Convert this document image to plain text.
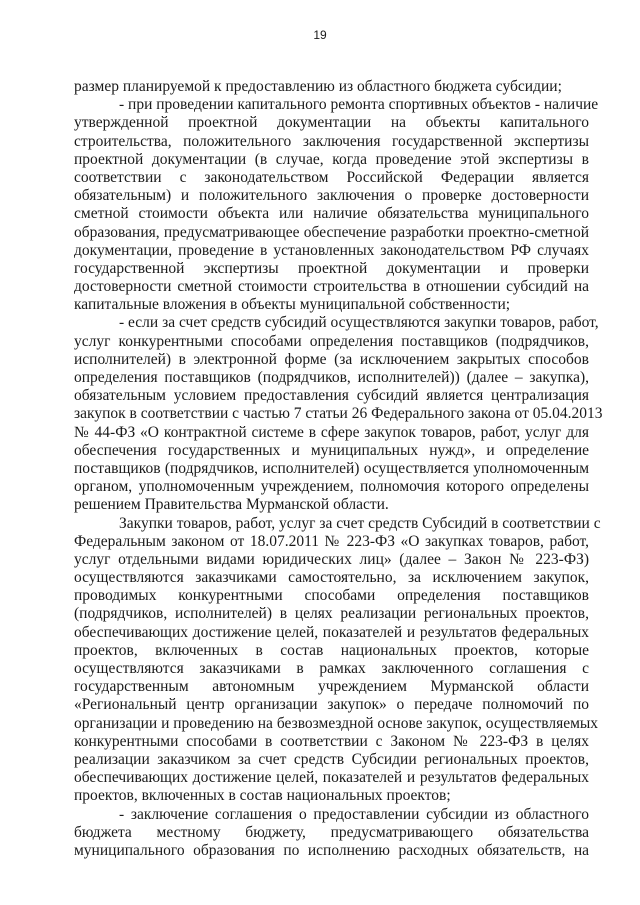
19
размер планируемой к предоставлению из областного бюджета субсидии;
- при проведении капитального ремонта спортивных объектов - наличие
утвержденной проектной документации на объекты капитального
строительства, положительного заключения государственной экспертизы
проектной документации (в случае, когда проведение этой экспертизы в
соответствии с законодательством Российской Федерации является
обязательным) и положительного заключения о проверке достоверности
сметной стоимости объекта или наличие обязательства муниципального
образования, предусматривающее обеспечение разработки проектно-сметной
документации, проведение в установленных законодательством РФ случаях
государственной экспертизы проектной документации и проверки
достоверности сметной стоимости строительства в отношении субсидий на
капитальные вложения в объекты муниципальной собственности;
- если за счет средств субсидий осуществляются закупки товаров, работ,
услуг конкурентными способами определения поставщиков (подрядчиков,
исполнителей) в электронной форме (за исключением закрытых способов
определения поставщиков (подрядчиков, исполнителей)) (далее – закупка),
обязательным условием предоставления субсидий является централизация
закупок в соответствии с частью 7 статьи 26 Федерального закона от 05.04.2013
№ 44-ФЗ «О контрактной системе в сфере закупок товаров, работ, услуг для
обеспечения государственных и муниципальных нужд», и определение
поставщиков (подрядчиков, исполнителей) осуществляется уполномоченным
органом, уполномоченным учреждением, полномочия которого определены
решением Правительства Мурманской области.
Закупки товаров, работ, услуг за счет средств Субсидий в соответствии с
Федеральным законом от 18.07.2011 № 223-ФЗ «О закупках товаров, работ,
услуг отдельными видами юридических лиц» (далее – Закон № 223-ФЗ)
осуществляются заказчиками самостоятельно, за исключением закупок,
проводимых конкурентными способами определения поставщиков
(подрядчиков, исполнителей) в целях реализации региональных проектов,
обеспечивающих достижение целей, показателей и результатов федеральных
проектов, включенных в состав национальных проектов, которые
осуществляются заказчиками в рамках заключенного соглашения с
государственным автономным учреждением Мурманской области
«Региональный центр организации закупок» о передаче полномочий по
организации и проведению на безвозмездной основе закупок, осуществляемых
конкурентными способами в соответствии с Законом № 223-ФЗ в целях
реализации заказчиком за счет средств Субсидии региональных проектов,
обеспечивающих достижение целей, показателей и результатов федеральных
проектов, включенных в состав национальных проектов;
- заключение соглашения о предоставлении субсидии из областного
бюджета местному бюджету, предусматривающего обязательства
муниципального образования по исполнению расходных обязательств, на
